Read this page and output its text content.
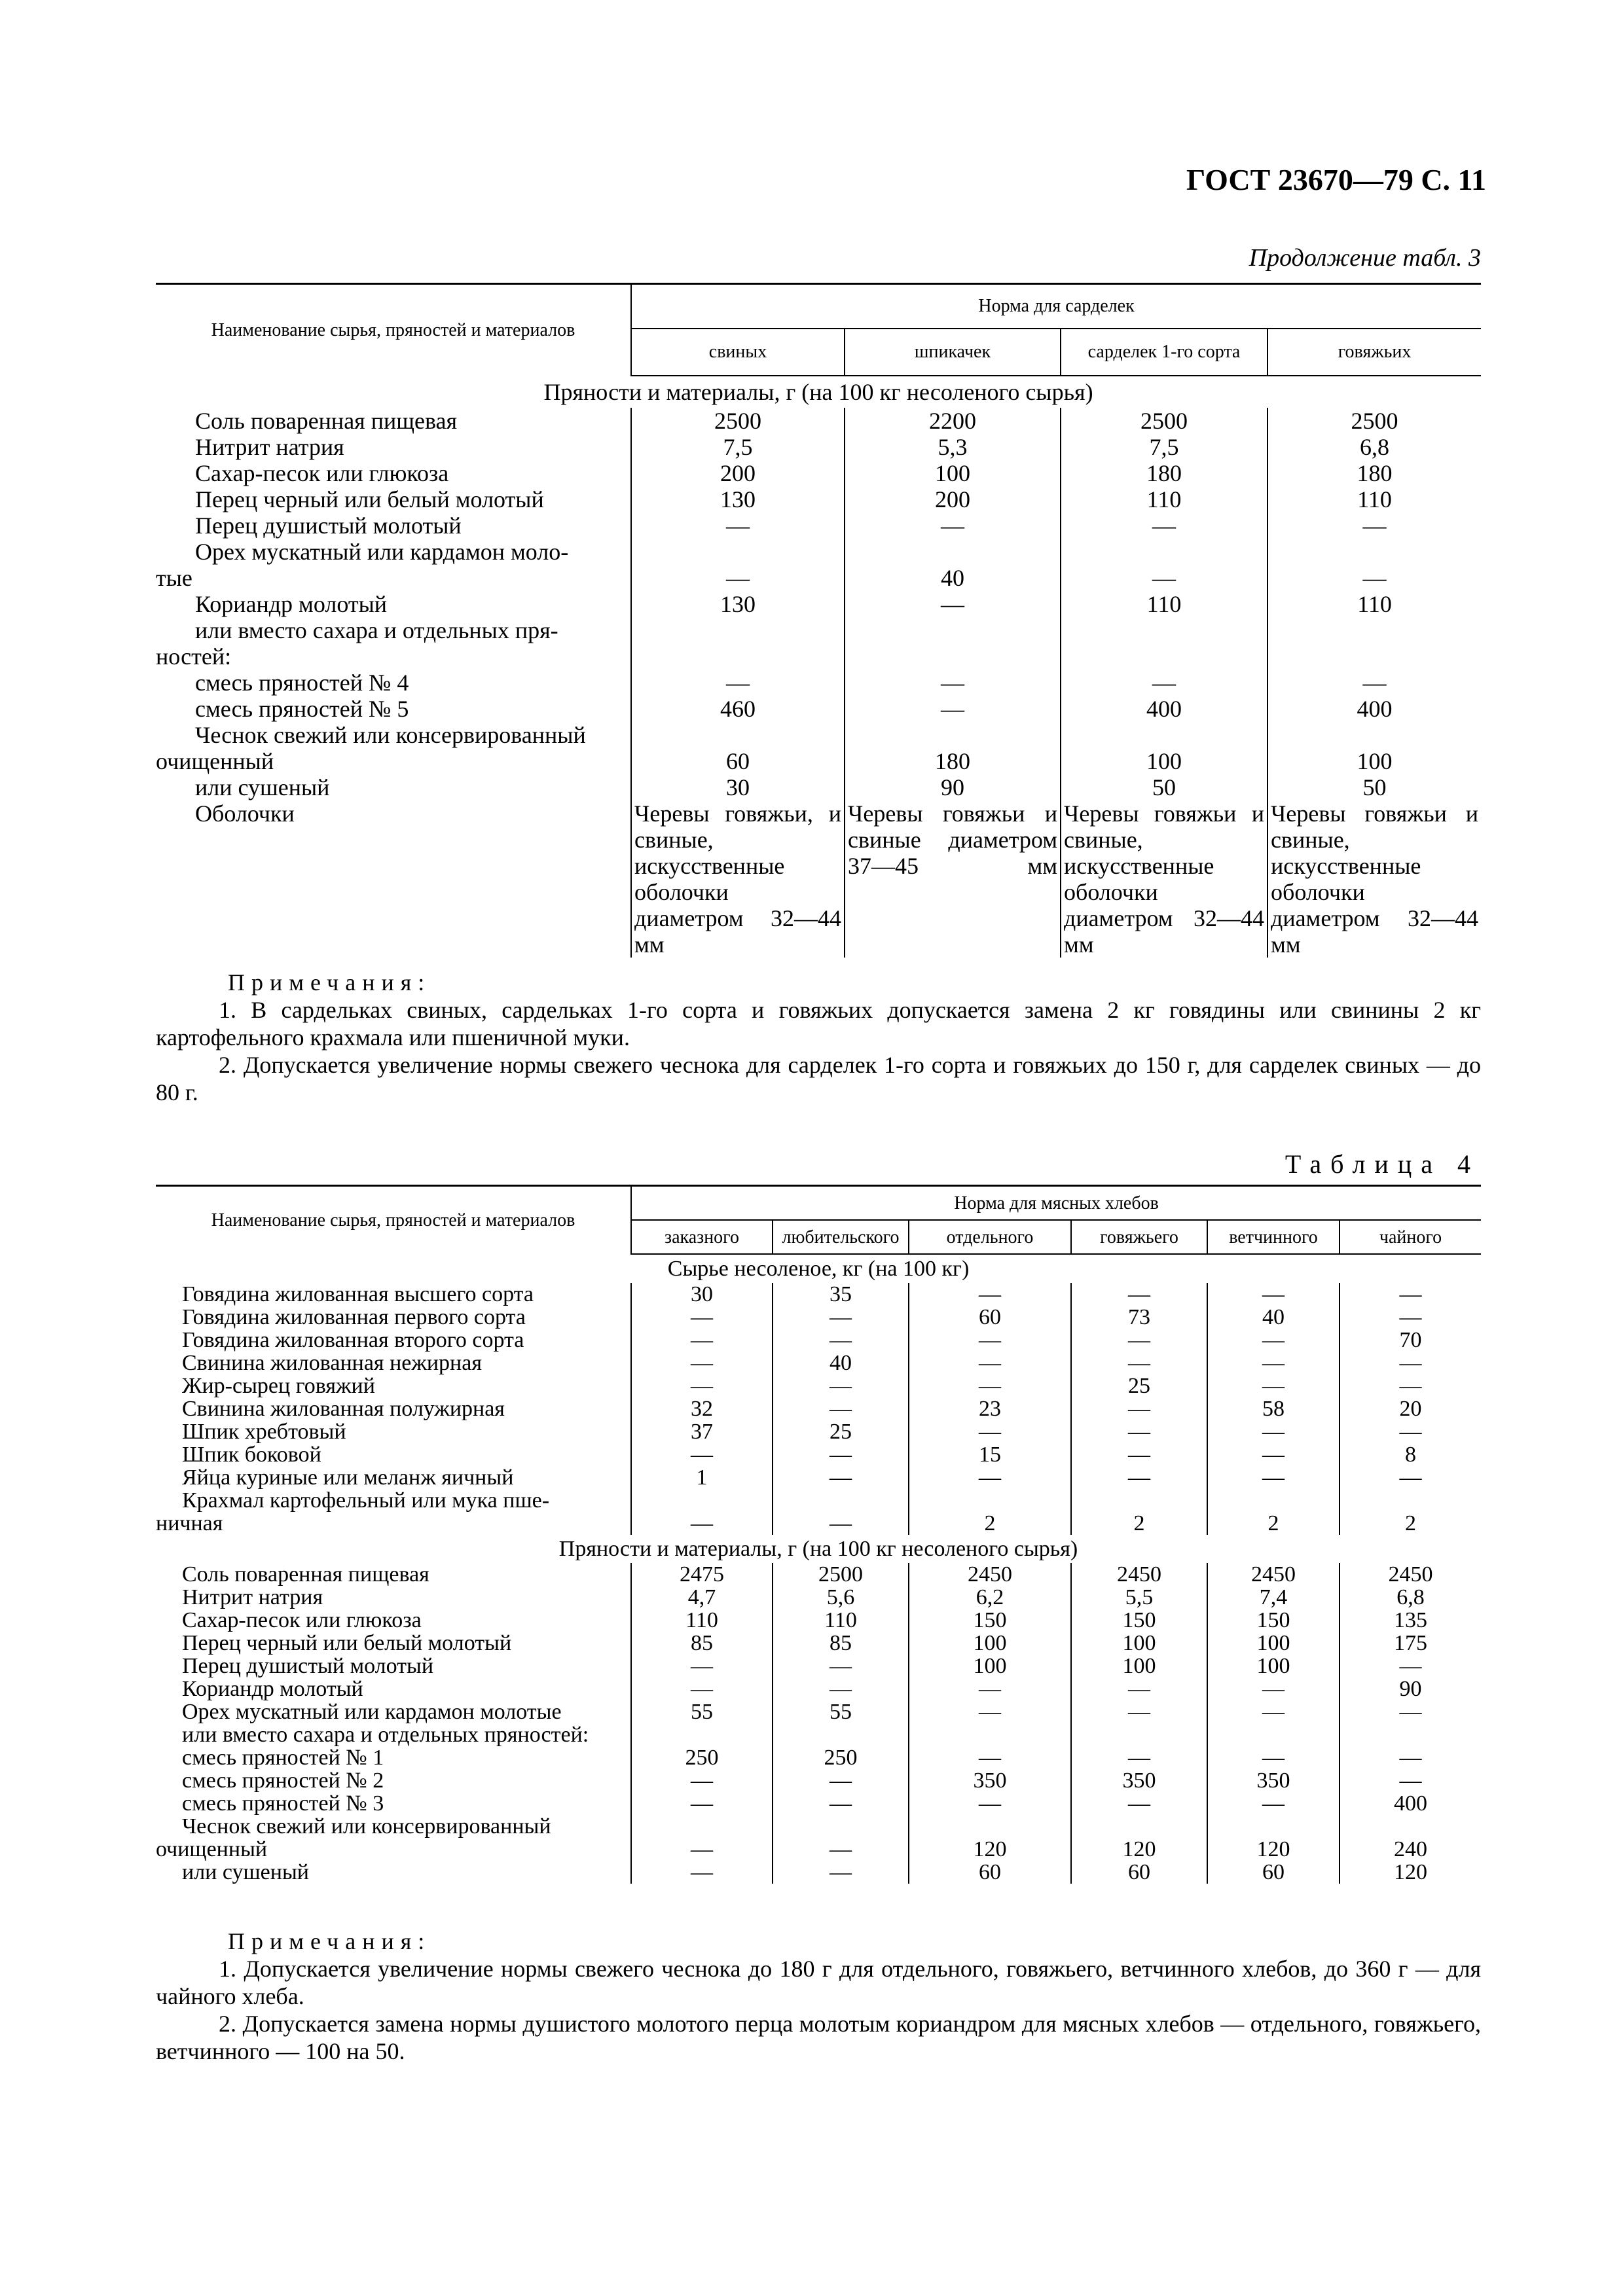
ГОСТ 23670—79 С. 11
Продолжение табл. 3
Наименование сырья, пряностей и материалов	Норма для сарделек			
	свиных	шпикачек	сарделек 1-го сорта	говяжьих
Пряности и материалы, г (на 100 кг несоленого сырья)				
Соль поваренная пищевая	2500	2200	2500	2500
Нитрит натрия	7,5	5,3	7,5	6,8
Сахар-песок или глюкоза	200	100	180	180
Перец черный или белый молотый	130	200	110	110
Перец душистый молотый	—	—	—	—
Орех мускатный или кардамон моло-				
тые	—	40	—	—
Кориандр молотый	130	—	110	110
или вместо сахара и отдельных пря-				
ностей:				
смесь пряностей № 4	—	—	—	—
смесь пряностей № 5	460	—	400	400
Чеснок свежий или консервированный				
очищенный	60	180	100	100
или сушеный	30	90	50	50
Оболочки	Черевы говяжьи, и свиные, искусственные оболочки диаметром 32—44 мм	Черевы говяжьи и свиные диаметром 37—45 мм	Черевы говяжьи и свиные, искусственные оболочки диаметром 32—44 мм	Черевы говяжьи и свиные, искусственные оболочки диаметром 32—44 мм
Примечания:

1. В сардельках свиных, сардельках 1-го сорта и говяжьих допускается замена 2 кг говядины или свинины 2 кг картофельного крахмала или пшеничной муки.

2. Допускается увеличение нормы свежего чеснока для сарделек 1-го сорта и говяжьих до 150 г, для сарделек свиных — до 80 г.

Таблица 4
Наименование сырья, пряностей и материалов	Норма для мясных хлебов					
	заказного	любительского	отдельного	говяжьего	ветчинного	чайного
Сырье несоленое, кг (на 100 кг)						
Говядина жилованная высшего сорта	30	35	—	—	—	—
Говядина жилованная первого сорта	—	—	60	73	40	—
Говядина жилованная второго сорта	—	—	—	—	—	70
Свинина жилованная нежирная	—	40	—	—	—	—
Жир-сырец говяжий	—	—	—	25	—	—
Свинина жилованная полужирная	32	—	23	—	58	20
Шпик хребтовый	37	25	—	—	—	—
Шпик боковой	—	—	15	—	—	8
Яйца куриные или меланж яичный	1	—	—	—	—	—
Крахмал картофельный или мука пше-						
ничная	—	—	2	2	2	2
Пряности и материалы, г (на 100 кг несоленого сырья)						
Соль поваренная пищевая	2475	2500	2450	2450	2450	2450
Нитрит натрия	4,7	5,6	6,2	5,5	7,4	6,8
Сахар-песок или глюкоза	110	110	150	150	150	135
Перец черный или белый молотый	85	85	100	100	100	175
Перец душистый молотый	—	—	100	100	100	—
Кориандр молотый	—	—	—	—	—	90
Орех мускатный или кардамон молотые	55	55	—	—	—	—
или вместо сахара и отдельных пряностей:						
смесь пряностей № 1	250	250	—	—	—	—
смесь пряностей № 2	—	—	350	350	350	—
смесь пряностей № 3	—	—	—	—	—	400
Чеснок свежий или консервированный						
очищенный	—	—	120	120	120	240
или сушеный	—	—	60	60	60	120
Примечания:

1. Допускается увеличение нормы свежего чеснока до 180 г для отдельного, говяжьего, ветчинного хлебов, до 360 г — для чайного хлеба.

2. Допускается замена нормы душистого молотого перца молотым кориандром для мясных хлебов — отдельного, говяжьего, ветчинного — 100 на 50.
